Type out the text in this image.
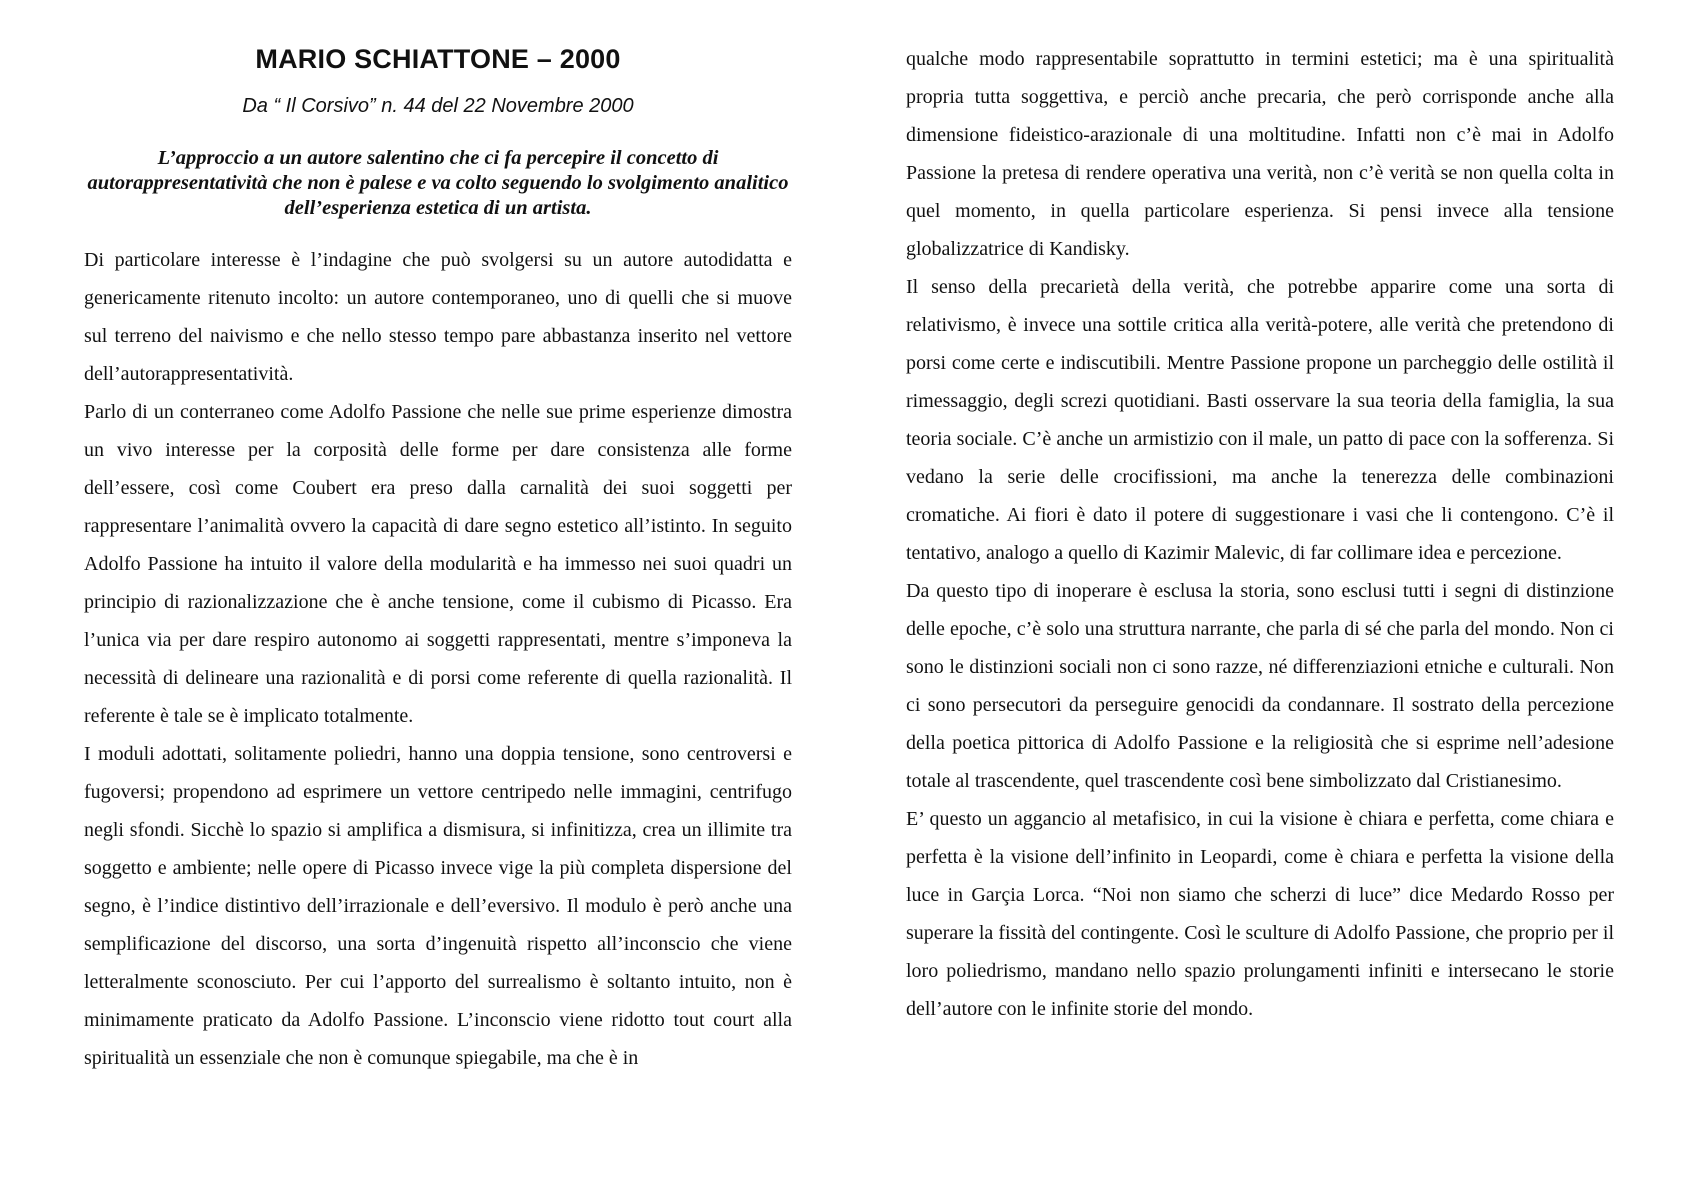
MARIO SCHIATTONE – 2000
Da “ Il Corsivo” n. 44 del 22 Novembre 2000
L’approccio a un autore salentino che ci fa percepire il concetto di autorappresentatività che non è palese e va colto seguendo lo svolgimento analitico dell’esperienza estetica di un artista.

Di particolare interesse è l’indagine che può svolgersi su un autore autodidatta e genericamente ritenuto incolto: un autore contemporaneo, uno di quelli che si muove sul terreno del naivismo e che nello stesso tempo pare abbastanza inserito nel vettore dell’autorappresentatività.

Parlo di un conterraneo come Adolfo Passione che nelle sue prime esperienze dimostra un vivo interesse per la corposità delle forme per dare consistenza alle forme dell’essere, così come Coubert era preso dalla carnalità dei suoi soggetti per rappresentare l’animalità ovvero la capacità di dare segno estetico all’istinto. In seguito Adolfo Passione ha intuito il valore della modularità e ha immesso nei suoi quadri un principio di razionalizzazione che è anche tensione, come il cubismo di Picasso. Era l’unica via per dare respiro autonomo ai soggetti rappresentati, mentre s’imponeva la necessità di delineare una razionalità e di porsi come referente di quella razionalità. Il referente è tale se è implicato totalmente.

I moduli adottati, solitamente poliedri, hanno una doppia tensione, sono centroversi e fugoversi; propendono ad esprimere un vettore centripedo nelle immagini, centrifugo negli sfondi. Sicchè lo spazio si amplifica a dismisura, si infinitizza, crea un illimite tra soggetto e ambiente; nelle opere di Picasso invece vige la più completa dispersione del segno, è l’indice distintivo dell’irrazionale e dell’eversivo. Il modulo è però anche una semplificazione del discorso, una sorta d’ingenuità rispetto all’inconscio che viene letteralmente sconosciuto. Per cui l’apporto del surrealismo è soltanto intuito, non è minimamente praticato da Adolfo Passione. L’inconscio viene ridotto tout court alla spiritualità un essenziale che non è comunque spiegabile, ma che è in

qualche modo rappresentabile soprattutto in termini estetici; ma è una spiritualità propria tutta soggettiva, e perciò anche precaria, che però corrisponde anche alla dimensione fideistico-arazionale di una moltitudine. Infatti non c’è mai in Adolfo Passione la pretesa di rendere operativa una verità, non c’è verità se non quella colta in quel momento, in quella particolare esperienza. Si pensi invece alla tensione globalizzatrice di Kandisky.

Il senso della precarietà della verità, che potrebbe apparire come una sorta di relativismo, è invece una sottile critica alla verità-potere, alle verità che pretendono di porsi come certe e indiscutibili. Mentre Passione propone un parcheggio delle ostilità il rimessaggio, degli screzi quotidiani. Basti osservare la sua teoria della famiglia, la sua teoria sociale. C’è anche un armistizio con il male, un patto di pace con la sofferenza. Si vedano la serie delle crocifissioni, ma anche la tenerezza delle combinazioni cromatiche. Ai fiori è dato il potere di suggestionare i vasi che li contengono. C’è il tentativo, analogo a quello di Kazimir Malevic, di far collimare idea e percezione.

Da questo tipo di inoperare è esclusa la storia, sono esclusi tutti i segni di distinzione delle epoche, c’è solo una struttura narrante, che parla di sé che parla del mondo. Non ci sono le distinzioni sociali non ci sono razze, né differenziazioni etniche e culturali. Non ci sono persecutori da perseguire genocidi da condannare. Il sostrato della percezione della poetica pittorica di Adolfo Passione e la religiosità che si esprime nell’adesione totale al trascendente, quel trascendente così bene simbolizzato dal Cristianesimo.

E’ questo un aggancio al metafisico, in cui la visione è chiara e perfetta, come chiara e perfetta è la visione dell’infinito in Leopardi, come è chiara e perfetta la visione della luce in Garçia Lorca. “Noi non siamo che scherzi di luce” dice Medardo Rosso per superare la fissità del contingente. Così le sculture di Adolfo Passione, che proprio per il loro poliedrismo, mandano nello spazio prolungamenti infiniti e intersecano le storie dell’autore con le infinite storie del mondo.
